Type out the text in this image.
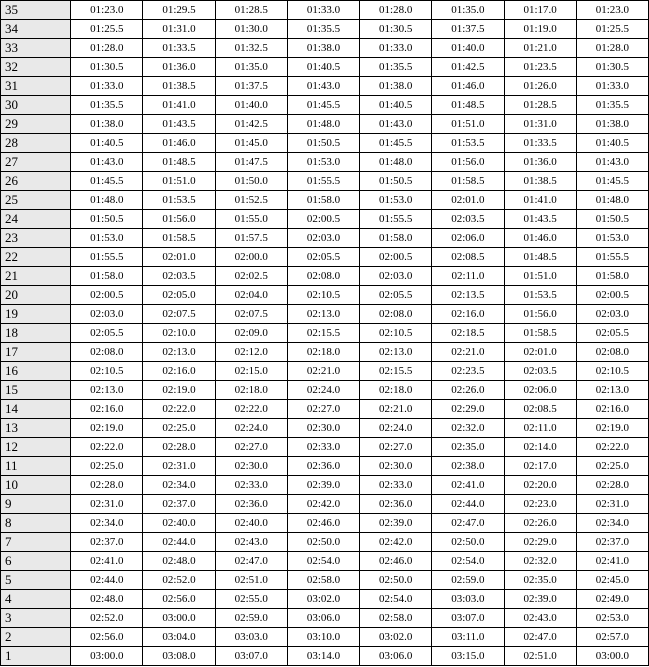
35	01:23.0	01:29.5	01:28.5	01:33.0	01:28.0	01:35.0	01:17.0	01:23.0
34	01:25.5	01:31.0	01:30.0	01:35.5	01:30.5	01:37.5	01:19.0	01:25.5
33	01:28.0	01:33.5	01:32.5	01:38.0	01:33.0	01:40.0	01:21.0	01:28.0
32	01:30.5	01:36.0	01:35.0	01:40.5	01:35.5	01:42.5	01:23.5	01:30.5
31	01:33.0	01:38.5	01:37.5	01:43.0	01:38.0	01:46.0	01:26.0	01:33.0
30	01:35.5	01:41.0	01:40.0	01:45.5	01:40.5	01:48.5	01:28.5	01:35.5
29	01:38.0	01:43.5	01:42.5	01:48.0	01:43.0	01:51.0	01:31.0	01:38.0
28	01:40.5	01:46.0	01:45.0	01:50.5	01:45.5	01:53.5	01:33.5	01:40.5
27	01:43.0	01:48.5	01:47.5	01:53.0	01:48.0	01:56.0	01:36.0	01:43.0
26	01:45.5	01:51.0	01:50.0	01:55.5	01:50.5	01:58.5	01:38.5	01:45.5
25	01:48.0	01:53.5	01:52.5	01:58.0	01:53.0	02:01.0	01:41.0	01:48.0
24	01:50.5	01:56.0	01:55.0	02:00.5	01:55.5	02:03.5	01:43.5	01:50.5
23	01:53.0	01:58.5	01:57.5	02:03.0	01:58.0	02:06.0	01:46.0	01:53.0
22	01:55.5	02:01.0	02:00.0	02:05.5	02:00.5	02:08.5	01:48.5	01:55.5
21	01:58.0	02:03.5	02:02.5	02:08.0	02:03.0	02:11.0	01:51.0	01:58.0
20	02:00.5	02:05.0	02:04.0	02:10.5	02:05.5	02:13.5	01:53.5	02:00.5
19	02:03.0	02:07.5	02:07.5	02:13.0	02:08.0	02:16.0	01:56.0	02:03.0
18	02:05.5	02:10.0	02:09.0	02:15.5	02:10.5	02:18.5	01:58.5	02:05.5
17	02:08.0	02:13.0	02:12.0	02:18.0	02:13.0	02:21.0	02:01.0	02:08.0
16	02:10.5	02:16.0	02:15.0	02:21.0	02:15.5	02:23.5	02:03.5	02:10.5
15	02:13.0	02:19.0	02:18.0	02:24.0	02:18.0	02:26.0	02:06.0	02:13.0
14	02:16.0	02:22.0	02:22.0	02:27.0	02:21.0	02:29.0	02:08.5	02:16.0
13	02:19.0	02:25.0	02:24.0	02:30.0	02:24.0	02:32.0	02:11.0	02:19.0
12	02:22.0	02:28.0	02:27.0	02:33.0	02:27.0	02:35.0	02:14.0	02:22.0
11	02:25.0	02:31.0	02:30.0	02:36.0	02:30.0	02:38.0	02:17.0	02:25.0
10	02:28.0	02:34.0	02:33.0	02:39.0	02:33.0	02:41.0	02:20.0	02:28.0
9	02:31.0	02:37.0	02:36.0	02:42.0	02:36.0	02:44.0	02:23.0	02:31.0
8	02:34.0	02:40.0	02:40.0	02:46.0	02:39.0	02:47.0	02:26.0	02:34.0
7	02:37.0	02:44.0	02:43.0	02:50.0	02:42.0	02:50.0	02:29.0	02:37.0
6	02:41.0	02:48.0	02:47.0	02:54.0	02:46.0	02:54.0	02:32.0	02:41.0
5	02:44.0	02:52.0	02:51.0	02:58.0	02:50.0	02:59.0	02:35.0	02:45.0
4	02:48.0	02:56.0	02:55.0	03:02.0	02:54.0	03:03.0	02:39.0	02:49.0
3	02:52.0	03:00.0	02:59.0	03:06.0	02:58.0	03:07.0	02:43.0	02:53.0
2	02:56.0	03:04.0	03:03.0	03:10.0	03:02.0	03:11.0	02:47.0	02:57.0
1	03:00.0	03:08.0	03:07.0	03:14.0	03:06.0	03:15.0	02:51.0	03:00.0
